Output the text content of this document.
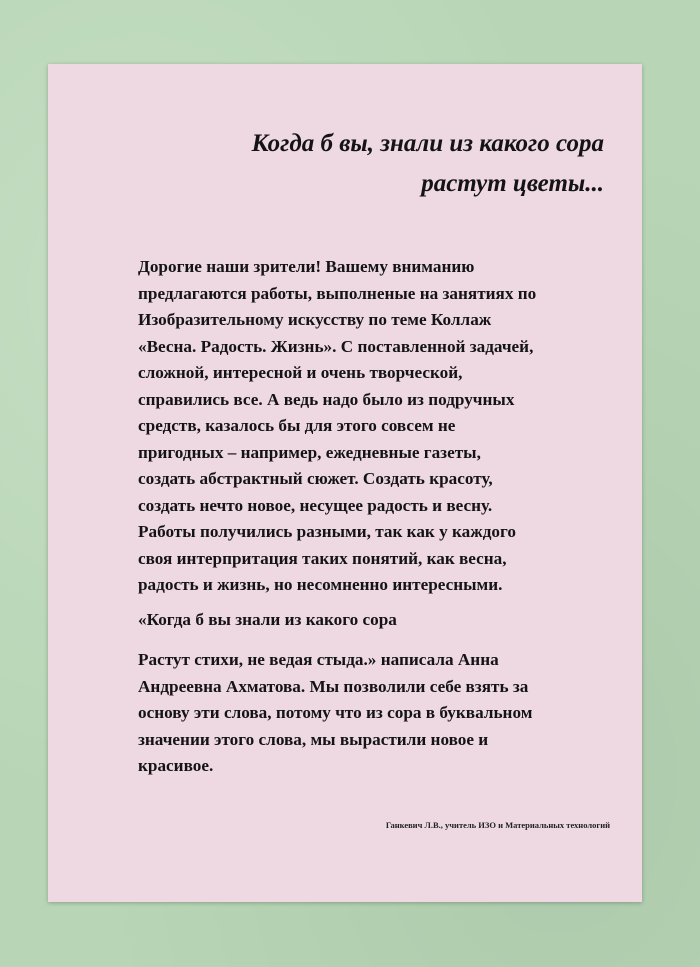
Когда б вы, знали из какого сора
растут цветы...

Дорогие наши зрители! Вашему вниманию
предлагаются работы, выполненые на занятиях по
Изобразительному искусству по теме Коллаж
«Весна. Радость. Жизнь». С поставленной задачей,
сложной, интересной и очень творческой,
справились все. А ведь надо было из подручных
средств, казалось бы для этого совсем не
пригодных – например, ежедневные газеты,
создать абстрактный сюжет. Создать красоту,
создать нечто новое, несущее радость и весну.
Работы получились разными, так как у каждого
своя интерпритация таких понятий, как весна,
радость и жизнь, но несомненно интересными.

«Когда б вы знали из какого сора

Растут стихи, не ведая стыда.» написала Анна
Андреевна Ахматова. Мы позволили себе взять за
основу эти слова, потому что из сора в буквальном
значении этого слова, мы вырастили новое и
красивое.

Ганкевич Л.В., учитель ИЗО и Материальных технологий
